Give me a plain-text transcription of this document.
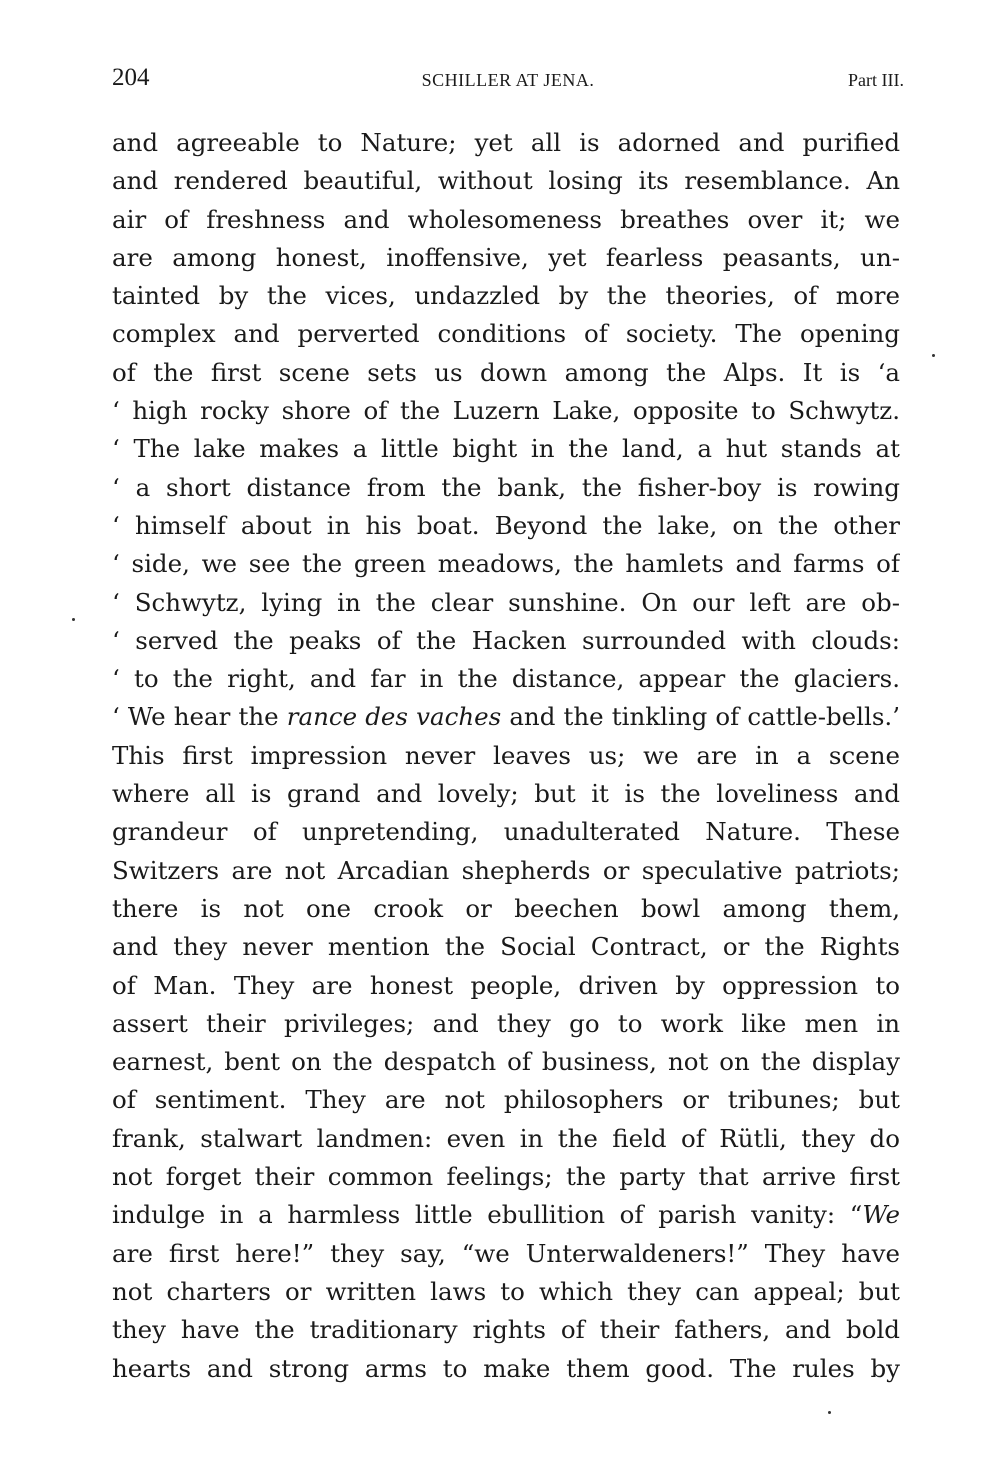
204	SCHILLER AT JENA.	Part III.
and agreeable to Nature; yet all is adorned and purified
and rendered beautiful, without losing its resemblance. An
air of freshness and wholesomeness breathes over it; we
are among honest, inoffensive, yet fearless peasants, un-
tainted by the vices, undazzled by the theories, of more
complex and perverted conditions of society. The opening
of the first scene sets us down among the Alps. It is ‘a
‘ high rocky shore of the Luzern Lake, opposite to Schwytz.
‘ The lake makes a little bight in the land, a hut stands at
‘ a short distance from the bank, the fisher-boy is rowing
‘ himself about in his boat. Beyond the lake, on the other
‘ side, we see the green meadows, the hamlets and farms of
‘ Schwytz, lying in the clear sunshine. On our left are ob-
‘ served the peaks of the Hacken surrounded with clouds:
‘ to the right, and far in the distance, appear the glaciers.
‘ We hear the rance des vaches and the tinkling of cattle-bells.’
This first impression never leaves us; we are in a scene
where all is grand and lovely; but it is the loveliness and
grandeur of unpretending, unadulterated Nature. These
Switzers are not Arcadian shepherds or speculative patriots;
there is not one crook or beechen bowl among them,
and they never mention the Social Contract, or the Rights
of Man. They are honest people, driven by oppression to
assert their privileges; and they go to work like men in
earnest, bent on the despatch of business, not on the display
of sentiment. They are not philosophers or tribunes; but
frank, stalwart landmen: even in the field of Rütli, they do
not forget their common feelings; the party that arrive first
indulge in a harmless little ebullition of parish vanity: “We
are first here!” they say, “we Unterwaldeners!” They have
not charters or written laws to which they can appeal; but
they have the traditionary rights of their fathers, and bold
hearts and strong arms to make them good. The rules by
